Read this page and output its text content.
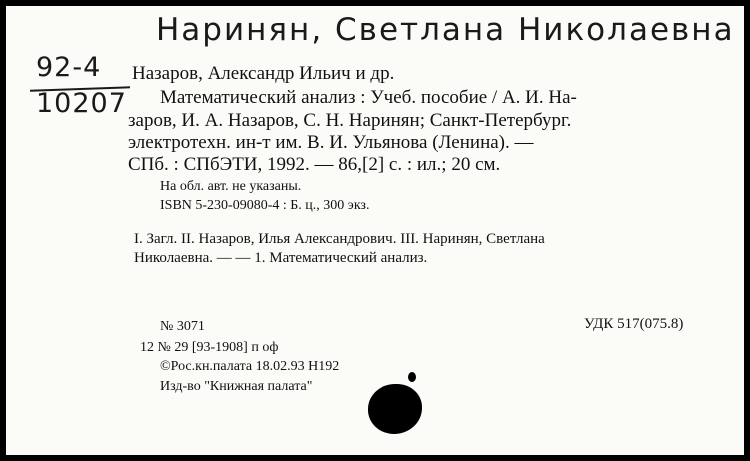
Наринян, Светлана Николаевна
92-4
10207
Назаров, Александр Ильич и др.
Математический анализ : Учеб. пособие / А. И. На-
заров, И. А. Назаров, С. Н. Наринян; Санкт-Петербург.
электротехн. ин-т им. В. И. Ульянова (Ленина). —
СПб. : СПбЭТИ, 1992. — 86,[2] с. : ил.; 20 см.
На обл. авт. не указаны.
ISBN 5-230-09080-4 : Б. ц., 300 экз.
I. Загл. II. Назаров, Илья Александрович. III. Наринян, Светлана
Николаевна. — — 1. Математический анализ.
№ 3071	УДК 517(075.8)
12 № 29 [93-1908] п оф
©Рос.кн.палата 18.02.93 Н192
Изд-во "Книжная палата"
